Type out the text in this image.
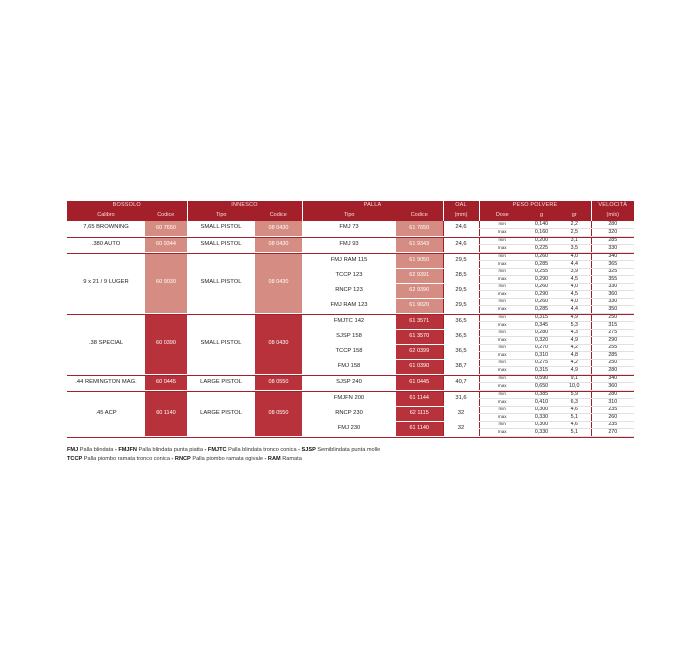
BOSSOLO		INNESCO		PALLA		OAL	PESO POLVERE			VELOCITÀ
Calibro	Codice	Tipo	Codice	Tipo	Codice	(mm)	Dose	g	gr	(m/s)
7,65 BROWNING	60 7650	SMALL PISTOL	08 0430	FMJ 73	61 7650	24,6	min	0,140	2,2	280
							max	0,160	2,5	320

.380 AUTO	60 9344	SMALL PISTOL	08 0430	FMJ 93	61 9343	24,6	min	0,200	3,1	285
							max	0,225	3,5	330

9 x 21 / 9 LUGER	60 9030	SMALL PISTOL	08 0430	FMJ RAM 115	61 9050	29,5	min	0,260	4,0	340
							max	0,285	4,4	365
				TCCP 123	62 9391	28,5	min	0,255	3,9	325
							max	0,290	4,5	355
				RNCP 123	62 9390	29,5	min	0,260	4,0	330
							max	0,290	4,5	360
				FMJ RAM 123	61 9020	29,5	min	0,260	4,0	330
							max	0,285	4,4	350

.38 SPECIAL	60 0390	SMALL PISTOL	08 0430	FMJTC 142	61 3571	36,5	min	0,315	4,9	250
							max	0,345	5,3	315
				SJSP 158	61 3570	36,5	min	0,280	4,3	275
							max	0,320	4,9	290
				TCCP 158	62 0399	36,5	min	0,270	4,2	255
							max	0,310	4,8	285
				FMJ 158	61 0390	38,7	min	0,275	4,2	250
							max	0,315	4,9	280

.44 REMINGTON MAG.	60 0445	LARGE PISTOL	08 0550	SJSP 240	61 0445	40,7	min	0,590	9,1	340
							max	0,650	10,0	360

.45 ACP	60 1140	LARGE PISTOL	08 0550	FMJFN 200	61 1144	31,6	min	0,385	5,9	280
							max	0,410	6,3	310
				RNCP 230	62 1115	32	min	0,300	4,6	235
							max	0,330	5,1	260
				FMJ 230	61 1140	32	min	0,300	4,6	235
							max	0,330	5,1	270

FMJ Palla blindata - FMJFN Palla blindata punta piatta - FMJTC Palla blindata tronco conica - SJSP Semiblindata punta molle
TCCP Palla piombo ramata tronco conica - RNCP Palla piombo ramata ogivale - RAM Ramata
